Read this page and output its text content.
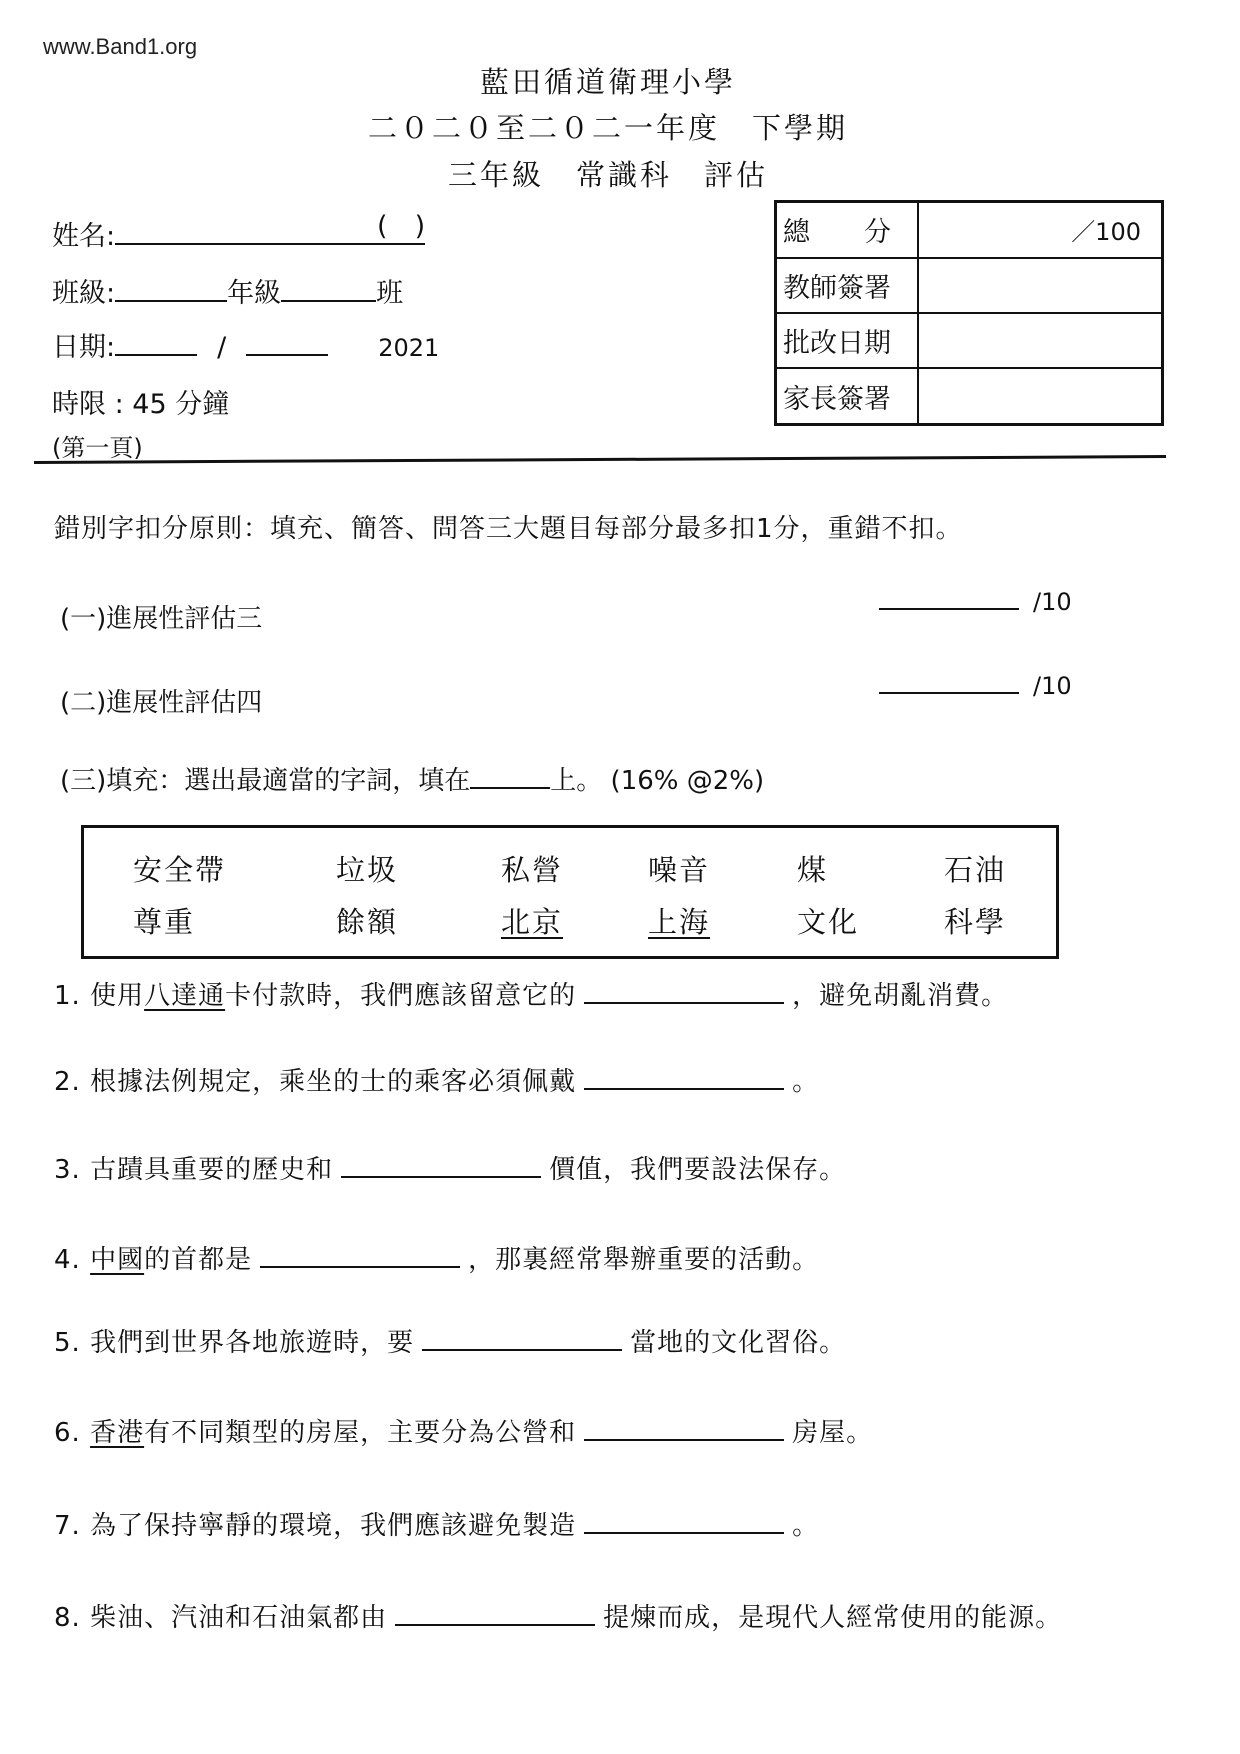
www.Band1.org
藍田循道衛理小學
二０二０至二０二一年度　下學期
三年級　常識科　評估
姓名:	(　)
班級:	年級	班
日期:	/	2021
時限 : 45 分鐘
(第一頁)
總　　分	／100
教師簽署	
批改日期	
家長簽署	
錯別字扣分原則：填充、簡答、問答三大題目每部分最多扣1分，重錯不扣。
(一)進展性評估三
/10
(二)進展性評估四
/10
(三)填充：選出最適當的字詞，填在	上。 (16% @2%)
安全帶	垃圾	私營	噪音	煤	石油
尊重	餘額	北京	上海	文化	科學
1. 使用八達通卡付款時，我們應該留意它的	，避免胡亂消費。
2. 根據法例規定，乘坐的士的乘客必須佩戴	。
3. 古蹟具重要的歷史和	價值，我們要設法保存。
4. 中國的首都是	，那裏經常舉辦重要的活動。
5. 我們到世界各地旅遊時，要	當地的文化習俗。
6. 香港有不同類型的房屋，主要分為公營和	房屋。
7. 為了保持寧靜的環境，我們應該避免製造	。
8. 柴油、汽油和石油氣都由	提煉而成，是現代人經常使用的能源。
